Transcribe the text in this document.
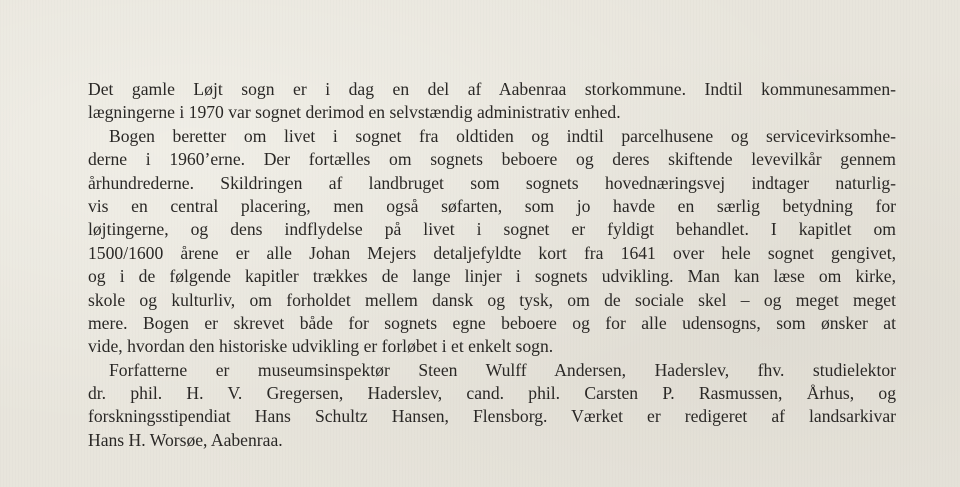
Det gamle Løjt sogn er i dag en del af Aabenraa storkommune. Indtil kommunesammen-
lægningerne i 1970 var sognet derimod en selvstændig administrativ enhed.
Bogen beretter om livet i sognet fra oldtiden og indtil parcelhusene og servicevirksomhe-
derne i 1960’erne. Der fortælles om sognets beboere og deres skiftende levevilkår gennem
århundrederne. Skildringen af landbruget som sognets hovednæringsvej indtager naturlig-
vis en central placering, men også søfarten, som jo havde en særlig betydning for
løjtingerne, og dens indflydelse på livet i sognet er fyldigt behandlet. I kapitlet om
1500/1600 årene er alle Johan Mejers detaljefyldte kort fra 1641 over hele sognet gengivet,
og i de følgende kapitler trækkes de lange linjer i sognets udvikling. Man kan læse om kirke,
skole og kulturliv, om forholdet mellem dansk og tysk, om de sociale skel – og meget meget
mere. Bogen er skrevet både for sognets egne beboere og for alle udensogns, som ønsker at
vide, hvordan den historiske udvikling er forløbet i et enkelt sogn.
Forfatterne er museumsinspektør Steen Wulff Andersen, Haderslev, fhv. studielektor
dr. phil. H. V. Gregersen, Haderslev, cand. phil. Carsten P. Rasmussen, Århus, og
forskningsstipendiat Hans Schultz Hansen, Flensborg. Værket er redigeret af landsarkivar
Hans H. Worsøe, Aabenraa.
